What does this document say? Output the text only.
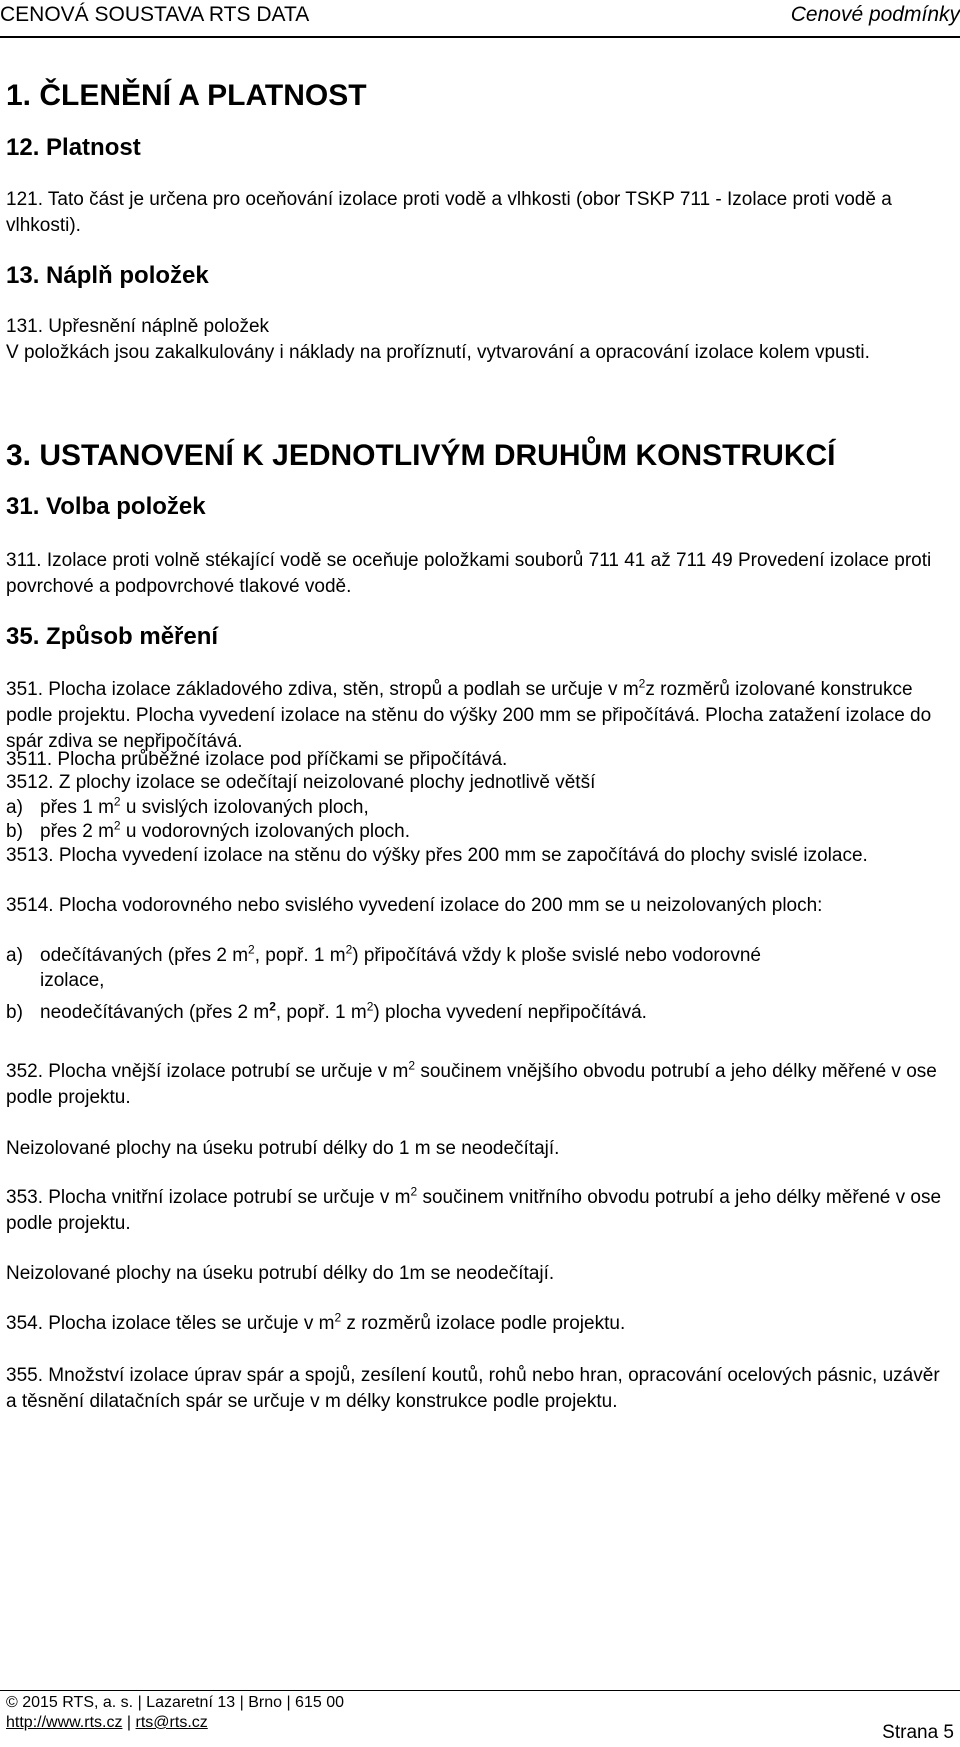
CENOVÁ SOUSTAVA RTS DATA	Cenové podmínky
1. ČLENĚNÍ A PLATNOST
12. Platnost
121. Tato část je určena pro oceňování izolace proti vodě a vlhkosti (obor TSKP 711 - Izolace proti vodě a vlhkosti).
13. Náplň položek
131. Upřesnění náplně položek
V položkách jsou zakalkulovány i náklady na proříznutí, vytvarování a opracování izolace kolem vpusti.
3. USTANOVENÍ K JEDNOTLIVÝM DRUHŮM KONSTRUKCÍ
31. Volba položek
311. Izolace proti volně stékající vodě se oceňuje položkami souborů 711 41 až 711 49 Provedení izolace proti povrchové a podpovrchové tlakové vodě.
35. Způsob měření
351. Plocha izolace základového zdiva, stěn, stropů a podlah se určuje v $m^2z$ rozměrů izolované konstrukce podle projektu. Plocha vyvedení izolace na stěnu do výšky 200 mm se připočítává. Plocha zatažení izolace do spár zdiva se nepřipočítává.
3511. Plocha průběžné izolace pod příčkami se připočítává.
3512. Z plochy izolace se odečítají neizolované plochy jednotlivě větší
a) přes 1 $m^2$ u svislých izolovaných ploch,
b) přes 2 $m^2$ u vodorovných izolovaných ploch.
3513. Plocha vyvedení izolace na stěnu do výšky přes 200 mm se započítává do plochy svislé izolace.
3514. Plocha vodorovného nebo svislého vyvedení izolace do 200 mm se u neizolovaných ploch:
a) odečítávaných (přes 2 $m^2$, popř. 1 $m^2$) připočítává vždy k ploše svislé nebo vodorovné
izolace,
b) neodečítávaných (přes 2 $m^2$, popř. 1 $m^2$) plocha vyvedení nepřipočítává.
352. Plocha vnější izolace potrubí se určuje v $m^2$ součinem vnějšího obvodu potrubí a jeho délky měřené v ose podle projektu.
Neizolované plochy na úseku potrubí délky do 1 m se neodečítají.
353. Plocha vnitřní izolace potrubí se určuje v $m^2$ součinem vnitřního obvodu potrubí a jeho délky měřené v ose podle projektu.
Neizolované plochy na úseku potrubí délky do 1m se neodečítají.
354. Plocha izolace těles se určuje v $m^2$ z rozměrů izolace podle projektu.
355. Množství izolace úprav spár a spojů, zesílení koutů, rohů nebo hran, opracování ocelových pásnic, uzávěr a těsnění dilatačních spár se určuje v m délky konstrukce podle projektu.
© 2015 RTS, a. s. | Lazaretní 13 | Brno | 615 00
http://www.rts.cz | rts@rts.cz	Strana 5
